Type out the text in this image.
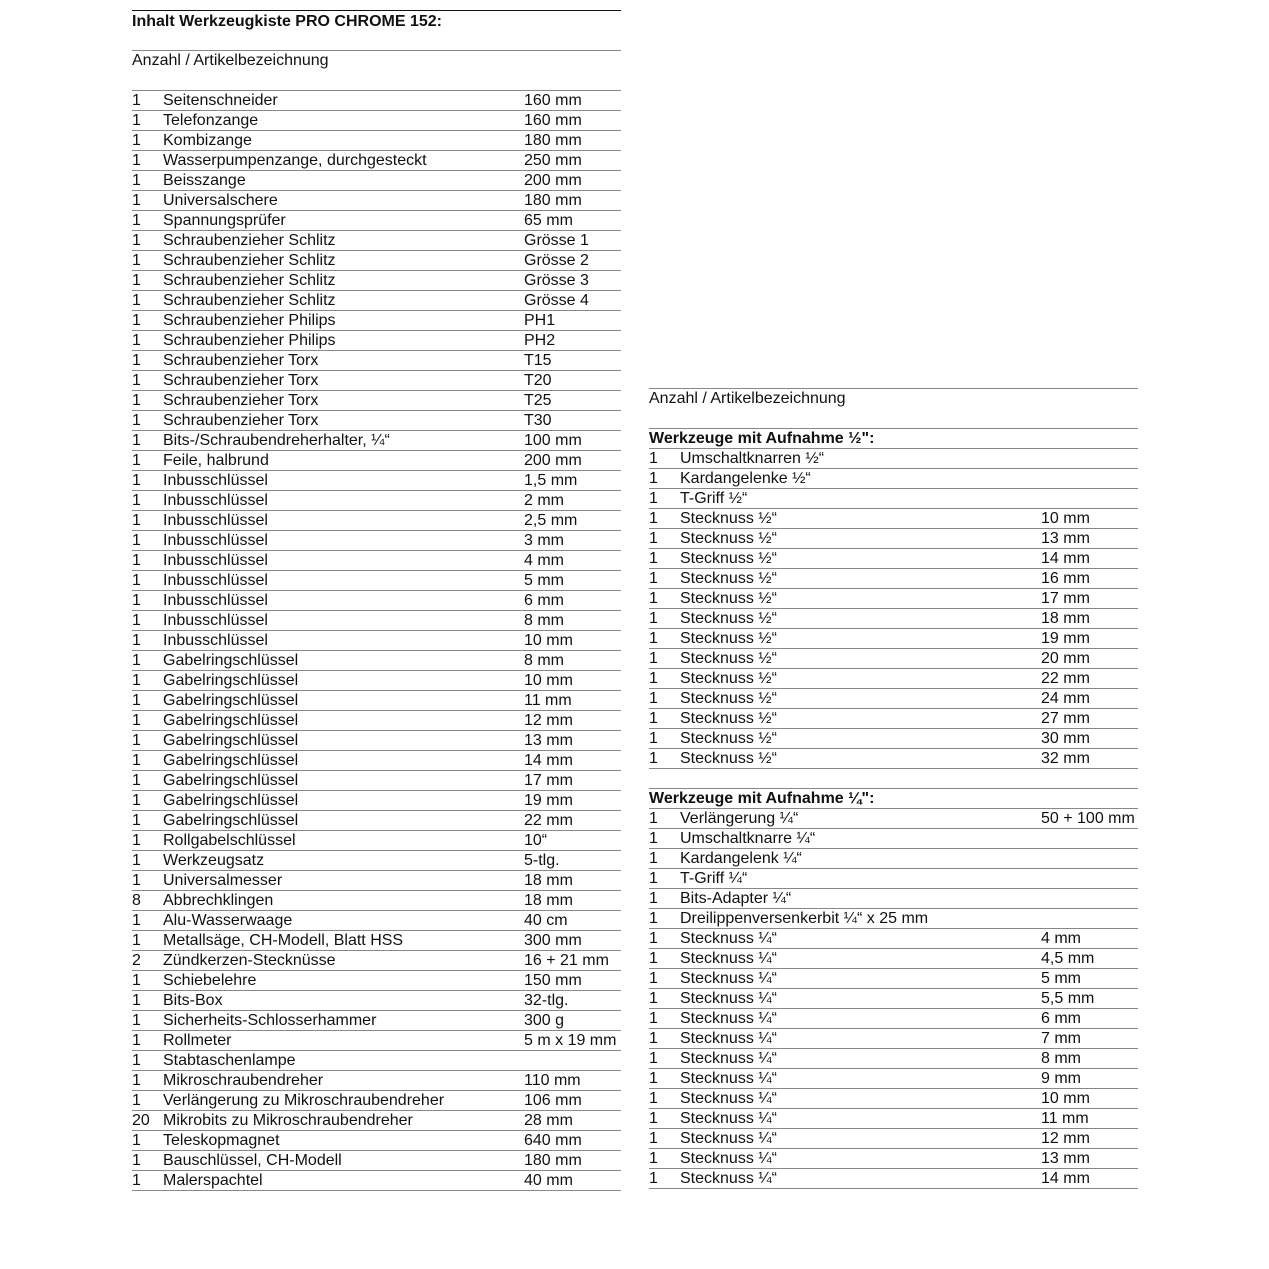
Inhalt Werkzeugkiste PRO CHROME 152:
Anzahl / Artikelbezeichnung
1 Seitenschneider	160 mm
1 Telefonzange	160 mm
1 Kombizange	180 mm
1 Wasserpumpenzange, durchgesteckt	250 mm
1 Beisszange	200 mm
1 Universalschere	180 mm
1 Spannungsprüfer	65 mm
1 Schraubenzieher Schlitz	Grösse 1
1 Schraubenzieher Schlitz	Grösse 2
1 Schraubenzieher Schlitz	Grösse 3
1 Schraubenzieher Schlitz	Grösse 4
1 Schraubenzieher Philips	PH1
1 Schraubenzieher Philips	PH2
1 Schraubenzieher Torx	T15
1 Schraubenzieher Torx	T20
1 Schraubenzieher Torx	T25
1 Schraubenzieher Torx	T30
1 Bits-/Schraubendreherhalter, ¼“	100 mm
1 Feile, halbrund	200 mm
1 Inbusschlüssel	1,5 mm
1 Inbusschlüssel	2 mm
1 Inbusschlüssel	2,5 mm
1 Inbusschlüssel	3 mm
1 Inbusschlüssel	4 mm
1 Inbusschlüssel	5 mm
1 Inbusschlüssel	6 mm
1 Inbusschlüssel	8 mm
1 Inbusschlüssel	10 mm
1 Gabelringschlüssel	8 mm
1 Gabelringschlüssel	10 mm
1 Gabelringschlüssel	11 mm
1 Gabelringschlüssel	12 mm
1 Gabelringschlüssel	13 mm
1 Gabelringschlüssel	14 mm
1 Gabelringschlüssel	17 mm
1 Gabelringschlüssel	19 mm
1 Gabelringschlüssel	22 mm
1 Rollgabelschlüssel	10“
1 Werkzeugsatz	5-tlg.
1 Universalmesser	18 mm
8 Abbrechklingen	18 mm
1 Alu-Wasserwaage	40 cm
1 Metallsäge, CH-Modell, Blatt HSS	300 mm
2 Zündkerzen-Stecknüsse	16 + 21 mm
1 Schiebelehre	150 mm
1 Bits-Box	32-tlg.
1 Sicherheits-Schlosserhammer	300 g
1 Rollmeter	5 m x 19 mm
1 Stabtaschenlampe
1 Mikroschraubendreher	110 mm
1 Verlängerung zu Mikroschraubendreher	106 mm
20 Mikrobits zu Mikroschraubendreher	28 mm
1 Teleskopmagnet	640 mm
1 Bauschlüssel, CH-Modell	180 mm
1 Malerspachtel	40 mm
Anzahl / Artikelbezeichnung
Werkzeuge mit Aufnahme ½":
1 Umschaltknarren ½“
1 Kardangelenke ½“
1 T-Griff ½“
1 Stecknuss ½“	10 mm
1 Stecknuss ½“	13 mm
1 Stecknuss ½“	14 mm
1 Stecknuss ½“	16 mm
1 Stecknuss ½“	17 mm
1 Stecknuss ½“	18 mm
1 Stecknuss ½“	19 mm
1 Stecknuss ½“	20 mm
1 Stecknuss ½“	22 mm
1 Stecknuss ½“	24 mm
1 Stecknuss ½“	27 mm
1 Stecknuss ½“	30 mm
1 Stecknuss ½“	32 mm
Werkzeuge mit Aufnahme ¼":
1 Verlängerung ¼“	50 + 100 mm
1 Umschaltknarre ¼“
1 Kardangelenk ¼“
1 T-Griff ¼“
1 Bits-Adapter ¼“
1 Dreilippenversenkerbit ¼“ x 25 mm
1 Stecknuss ¼“	4 mm
1 Stecknuss ¼“	4,5 mm
1 Stecknuss ¼“	5 mm
1 Stecknuss ¼“	5,5 mm
1 Stecknuss ¼“	6 mm
1 Stecknuss ¼“	7 mm
1 Stecknuss ¼“	8 mm
1 Stecknuss ¼“	9 mm
1 Stecknuss ¼“	10 mm
1 Stecknuss ¼“	11 mm
1 Stecknuss ¼“	12 mm
1 Stecknuss ¼“	13 mm
1 Stecknuss ¼“	14 mm
